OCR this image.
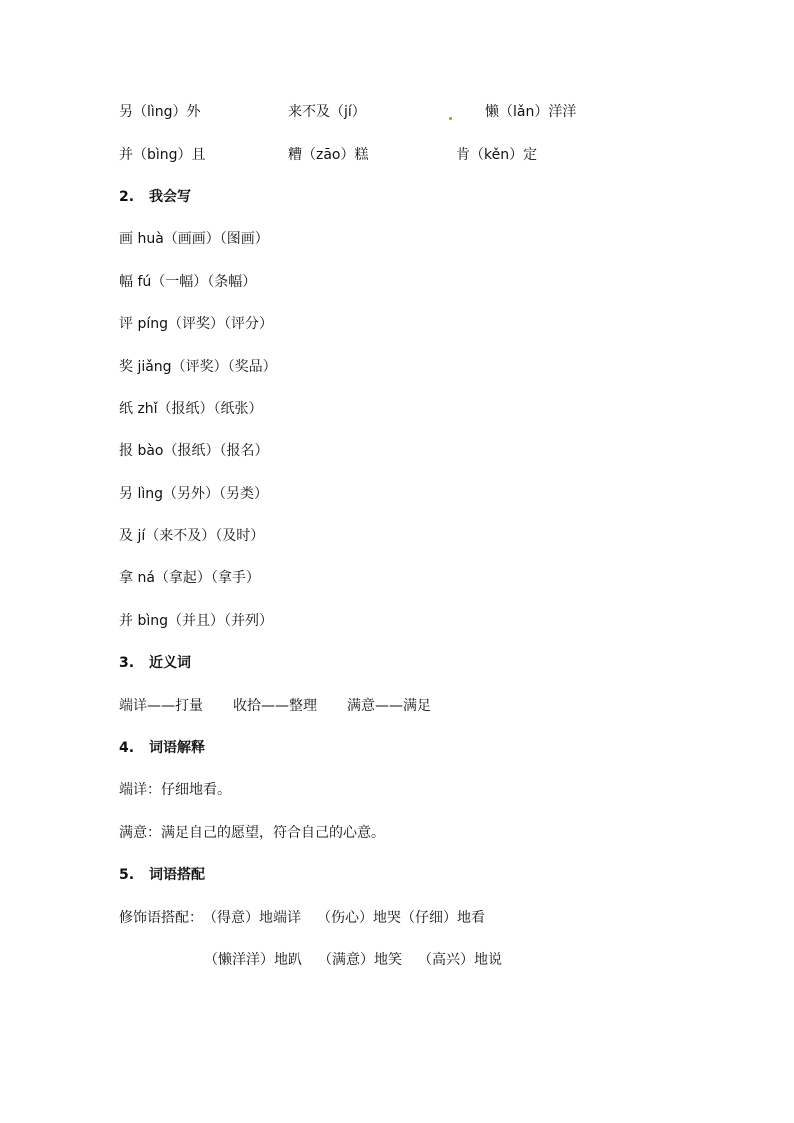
另（lìng）外	来不及（jí）	懒（lǎn）洋洋
并（bìng）且	糟（zāo）糕	肯（kěn）定
2. 我会写
画 huà（画画）（图画）
幅 fú（一幅）（条幅）
评 píng（评奖）（评分）
奖 jiǎng（评奖）（奖品）
纸 zhǐ（报纸）（纸张）
报 bào（报纸）（报名）
另 lìng（另外）（另类）
及 jí（来不及）（及时）
拿 ná（拿起）（拿手）
并 bìng（并且）（并列）
3. 近义词
端详——打量 收拾——整理 满意——满足
4. 词语解释
端详：仔细地看。
满意：满足自己的愿望，符合自己的心意。
5. 词语搭配
修饰语搭配：（得意）地端详 （伤心）地哭（仔细）地看
（懒洋洋）地趴 （满意）地笑 （高兴）地说
